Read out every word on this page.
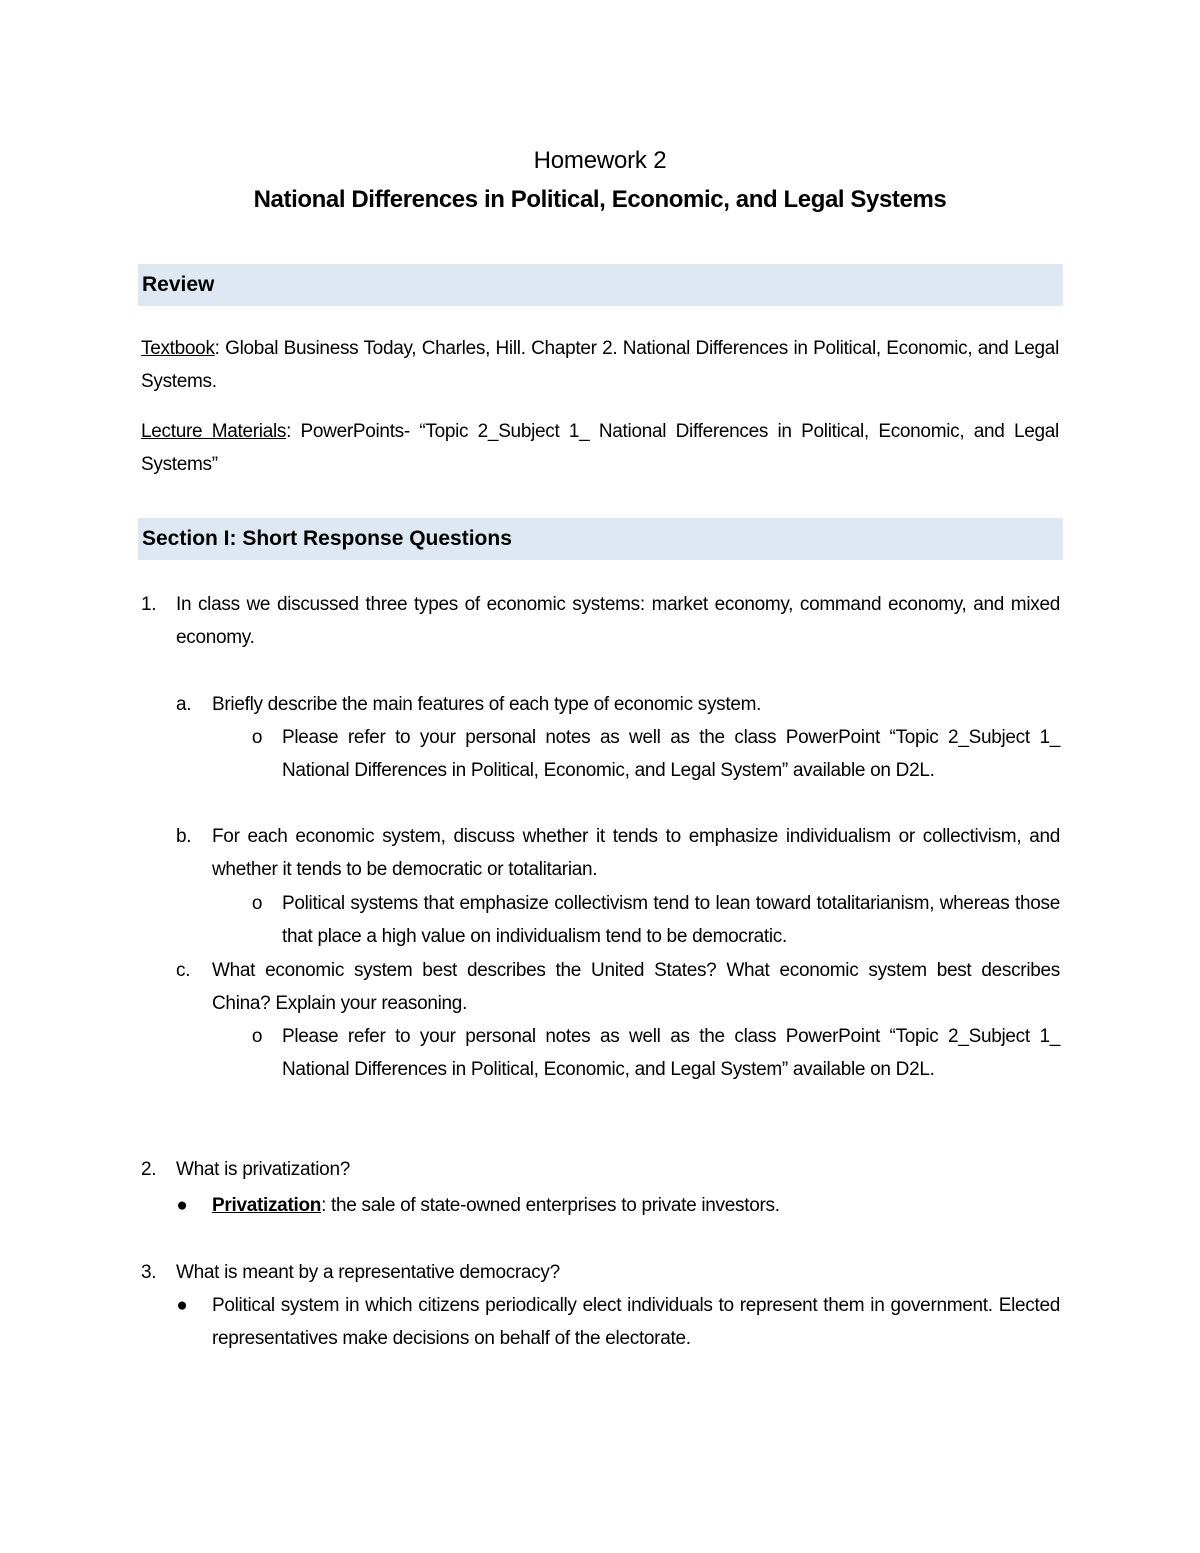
Homework 2
National Differences in Political, Economic, and Legal Systems
Review
Textbook: Global Business Today, Charles, Hill. Chapter 2. National Differences in Political, Economic, and Legal Systems.
Lecture Materials: PowerPoints- “Topic 2_Subject 1_ National Differences in Political, Economic, and Legal Systems”
Section I: Short Response Questions
1.	In class we discussed three types of economic systems: market economy, command economy, and mixed economy.
a.	Briefly describe the main features of each type of economic system.
o	Please refer to your personal notes as well as the class PowerPoint “Topic 2_Subject 1_ National Differences in Political, Economic, and Legal System” available on D2L.
b.	For each economic system, discuss whether it tends to emphasize individualism or collectivism, and whether it tends to be democratic or totalitarian.
o	Political systems that emphasize collectivism tend to lean toward totalitarianism, whereas those that place a high value on individualism tend to be democratic.
c.	What economic system best describes the United States? What economic system best describes China? Explain your reasoning.
o	Please refer to your personal notes as well as the class PowerPoint “Topic 2_Subject 1_ National Differences in Political, Economic, and Legal System” available on D2L.
2.	What is privatization?
● Privatization: the sale of state-owned enterprises to private investors.
3.	What is meant by a representative democracy?
● Political system in which citizens periodically elect individuals to represent them in government. Elected representatives make decisions on behalf of the electorate.
